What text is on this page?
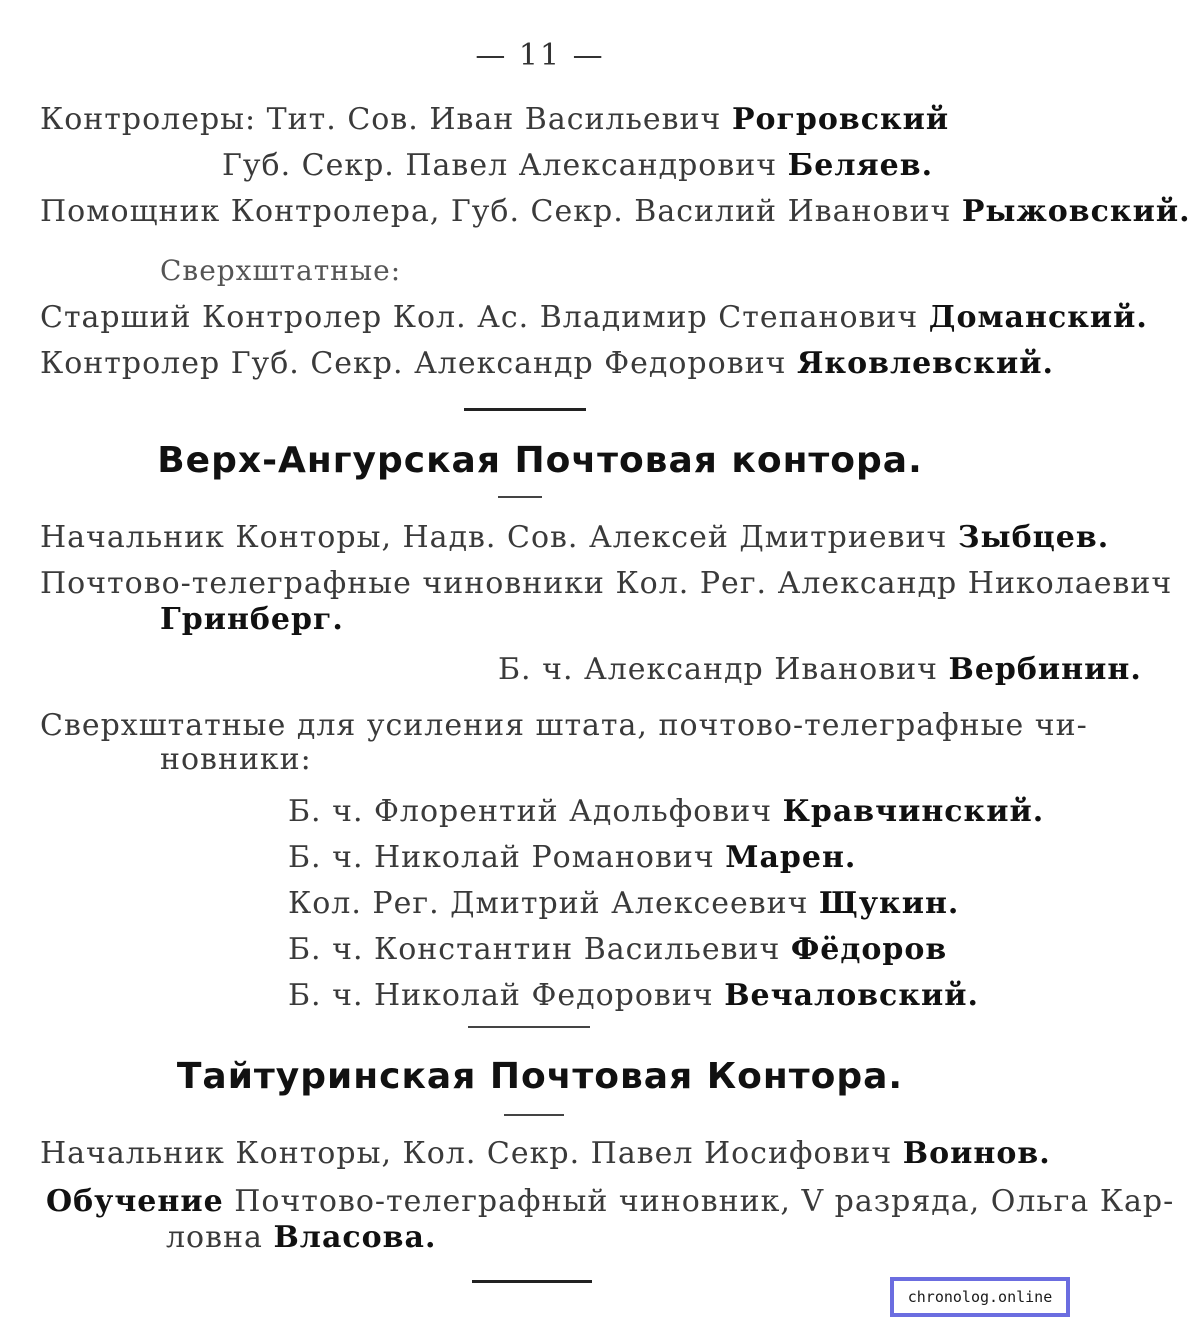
— 11 —
Контролеры: Тит. Сов. Иван Васильевич Рогровский
Губ. Секр. Павел Александрович Беляев.
Помощник Контролера, Губ. Секр. Василий Иванович Рыжовский.
Сверхштатные:
Старший Контролер Кол. Ас. Владимир Степанович Доманский.
Контролер Губ. Секр. Александр Федорович Яковлевский.
Верх-Ангурская Почтовая контора.
Начальник Конторы, Надв. Сов. Алексей Дмитриевич Зыбцев.
Почтово-телеграфные чиновники Кол. Рег. Александр Николаевич
Гринберг.
Б. ч. Александр Иванович Вербинин.
Сверхштатные для усиления штата, почтово-телеграфные чи-
новники:
Б. ч. Флорентий Адольфович Кравчинский.
Б. ч. Николай Романович Марен.
Кол. Рег. Дмитрий Алексеевич Щукин.
Б. ч. Константин Васильевич Фёдоров
Б. ч. Николай Федорович Вечаловский.
Тайтуринская Почтовая Контора.
Начальник Конторы, Кол. Секр. Павел Иосифович Воинов.
Обучение Почтово-телеграфный чиновник, V разряда, Ольга Кар-
ловна Власова.
chronolog.online
